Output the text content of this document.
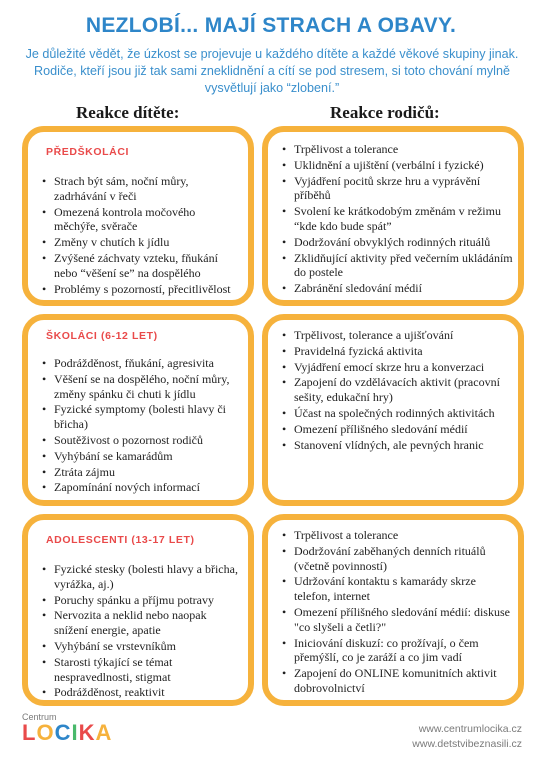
NEZLOBÍ... MAJÍ STRACH A OBAVY.
Je důležité vědět, že úzkost se projevuje u každého dítěte a každé věkové skupiny jinak. Rodiče, kteří jsou již tak sami zneklidnění a cítí se pod stresem, si toto chování mylně vysvětlují jako “zlobení.”
Reakce dítěte:	Reakce rodičů:
PŘEDŠKOLÁCI
• Strach být sám, noční můry, zadrhávání v řeči
• Omezená kontrola močového měchýře, svěrače
• Změny v chutích k jídlu
• Zvýšené záchvaty vzteku, fňukání nebo “věšení se” na dospělého
• Problémy s pozorností, přecitlivělost
• Trpělivost a tolerance
• Uklidnění a ujištění (verbální i fyzické)
• Vyjádření pocitů skrze hru a vyprávění příběhů
• Svolení ke krátkodobým změnám v režimu “kde kdo bude spát”
• Dodržování obvyklých rodinných rituálů
• Zklidňující aktivity před večerním ukládáním do postele
• Zabránění sledování médií
ŠKOLÁCI (6-12 LET)
• Podrážděnost, fňukání, agresivita
• Věšení se na dospělého, noční můry, změny spánku či chuti k jídlu
• Fyzické symptomy (bolesti hlavy či břicha)
• Soutěživost o pozornost rodičů
• Vyhýbání se kamarádům
• Ztráta zájmu
• Zapomínání nových informací
• Trpělivost, tolerance a ujišťování
• Pravidelná fyzická aktivita
• Vyjádření emocí skrze hru a konverzaci
• Zapojení do vzdělávacích aktivit (pracovní sešity, edukační hry)
• Účast na společných rodinných aktivitách
• Omezení přílišného sledování médií
• Stanovení vlídných, ale pevných hranic
ADOLESCENTI (13-17 LET)
• Fyzické stesky (bolesti hlavy a břicha, vyrážka, aj.)
• Poruchy spánku a příjmu potravy
• Nervozita a neklid nebo naopak snížení energie, apatie
• Vyhýbání se vrstevníkům
• Starosti týkající se témat nespravedlnosti, stigmat
• Podrážděnost, reaktivit
• Trpělivost a tolerance
• Dodržování zaběhaných denních rituálů (včetně povinností)
• Udržování kontaktu s kamarády skrze telefon, internet
• Omezení přílišného sledování médií: diskuse "co slyšeli a četli?"
• Iniciování diskuzí: co prožívají, o čem přemýšlí, co je zaráží a co jim vadí
• Zapojení do ONLINE komunitních aktivit dobrovolnictví
Centrum
LOCIKA	www.centrumlocika.cz
www.detstvibeznasili.cz
